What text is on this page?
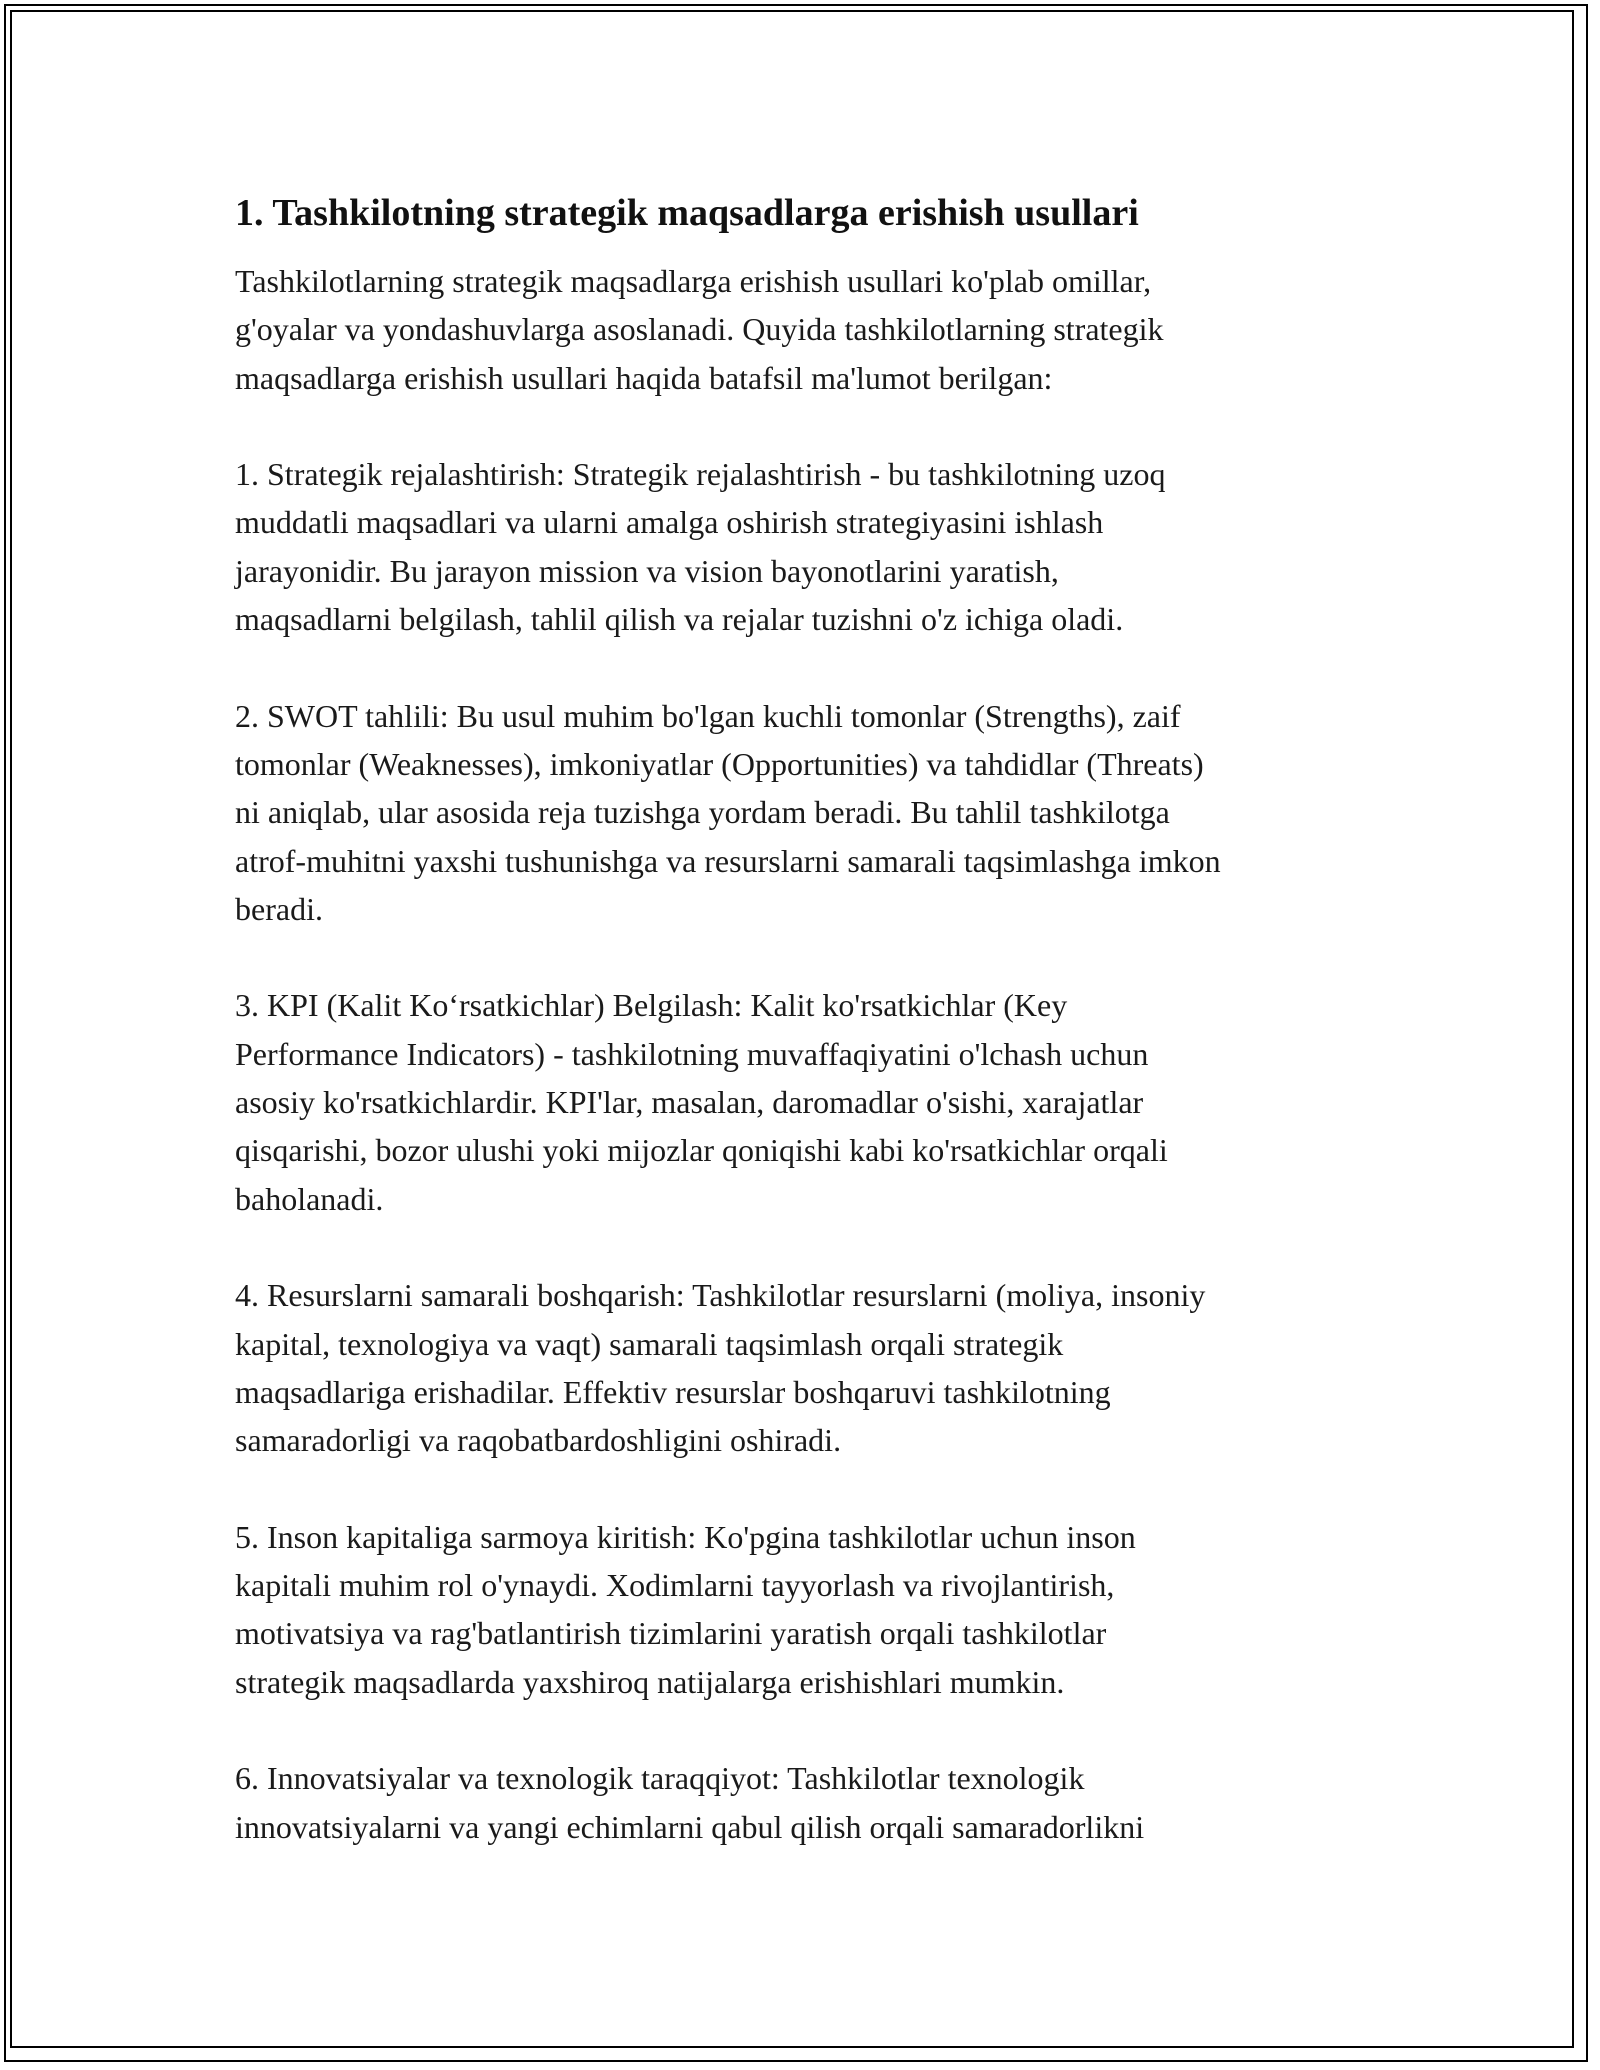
1. Tashkilotning strategik maqsadlarga erishish usullari

Tashkilotlarning strategik maqsadlarga erishish usullari ko'plab omillar,
g'oyalar va yondashuvlarga asoslanadi. Quyida tashkilotlarning strategik
maqsadlarga erishish usullari haqida batafsil ma'lumot berilgan:

1. Strategik rejalashtirish: Strategik rejalashtirish - bu tashkilotning uzoq
muddatli maqsadlari va ularni amalga oshirish strategiyasini ishlash
jarayonidir. Bu jarayon mission va vision bayonotlarini yaratish,
maqsadlarni belgilash, tahlil qilish va rejalar tuzishni o'z ichiga oladi.

2. SWOT tahlili: Bu usul muhim bo'lgan kuchli tomonlar (Strengths), zaif
tomonlar (Weaknesses), imkoniyatlar (Opportunities) va tahdidlar (Threats)
ni aniqlab, ular asosida reja tuzishga yordam beradi. Bu tahlil tashkilotga
atrof-muhitni yaxshi tushunishga va resurslarni samarali taqsimlashga imkon
beradi.

3. KPI (Kalit Koʻrsatkichlar) Belgilash: Kalit ko'rsatkichlar (Key
Performance Indicators) - tashkilotning muvaffaqiyatini o'lchash uchun
asosiy ko'rsatkichlardir. KPI'lar, masalan, daromadlar o'sishi, xarajatlar
qisqarishi, bozor ulushi yoki mijozlar qoniqishi kabi ko'rsatkichlar orqali
baholanadi.

4. Resurslarni samarali boshqarish: Tashkilotlar resurslarni (moliya, insoniy
kapital, texnologiya va vaqt) samarali taqsimlash orqali strategik
maqsadlariga erishadilar. Effektiv resurslar boshqaruvi tashkilotning
samaradorligi va raqobatbardoshligini oshiradi.

5. Inson kapitaliga sarmoya kiritish: Ko'pgina tashkilotlar uchun inson
kapitali muhim rol o'ynaydi. Xodimlarni tayyorlash va rivojlantirish,
motivatsiya va rag'batlantirish tizimlarini yaratish orqali tashkilotlar
strategik maqsadlarda yaxshiroq natijalarga erishishlari mumkin.

6. Innovatsiyalar va texnologik taraqqiyot: Tashkilotlar texnologik
innovatsiyalarni va yangi echimlarni qabul qilish orqali samaradorlikni
